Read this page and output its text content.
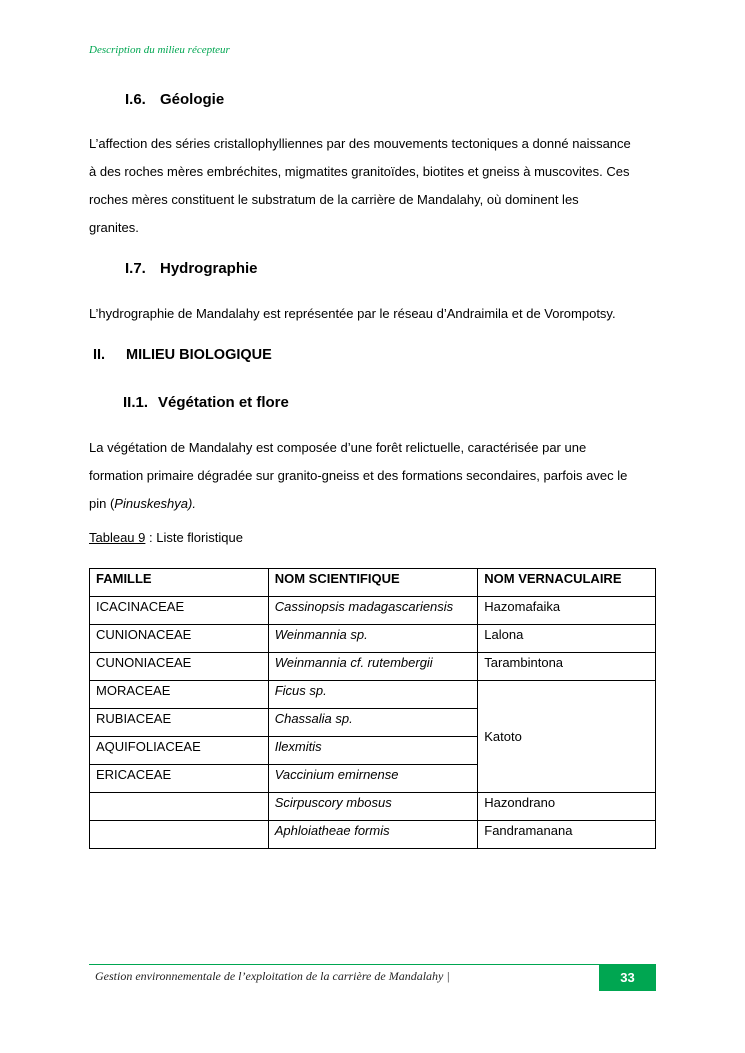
Description du milieu récepteur
I.6. Géologie
L’affection des séries cristallophylliennes par des mouvements tectoniques a donné naissance
à des roches mères embréchites, migmatites granitoïdes, biotites et gneiss à muscovites. Ces
roches mères constituent le substratum de la carrière de Mandalahy, où dominent les
granites.
I.7. Hydrographie
L’hydrographie de Mandalahy est représentée par le réseau d’Andraimila et de Vorompotsy.
II. MILIEU BIOLOGIQUE
II.1. Végétation et flore
La végétation de Mandalahy est composée d’une forêt relictuelle, caractérisée par une
formation primaire dégradée sur granito-gneiss et des formations secondaires, parfois avec le
pin (Pinuskeshya).
Tableau 9 : Liste floristique
FAMILLE	NOM SCIENTIFIQUE	NOM VERNACULAIRE
ICACINACEAE	Cassinopsis madagascariensis	Hazomafaika
CUNIONACEAE	Weinmannia sp.	Lalona
CUNONIACEAE	Weinmannia cf. rutembergii	Tarambintona
MORACEAE	Ficus sp.	Katoto
RUBIACEAE	Chassalia sp.	
AQUIFOLIACEAE	Ilexmitis	
ERICACEAE	Vaccinium emirnense	
	Scirpuscory mbosus	Hazondrano
	Aphloiatheae formis	Fandramanana
Gestion environnementale de l’exploitation de la carrière de Mandalahy |	33
